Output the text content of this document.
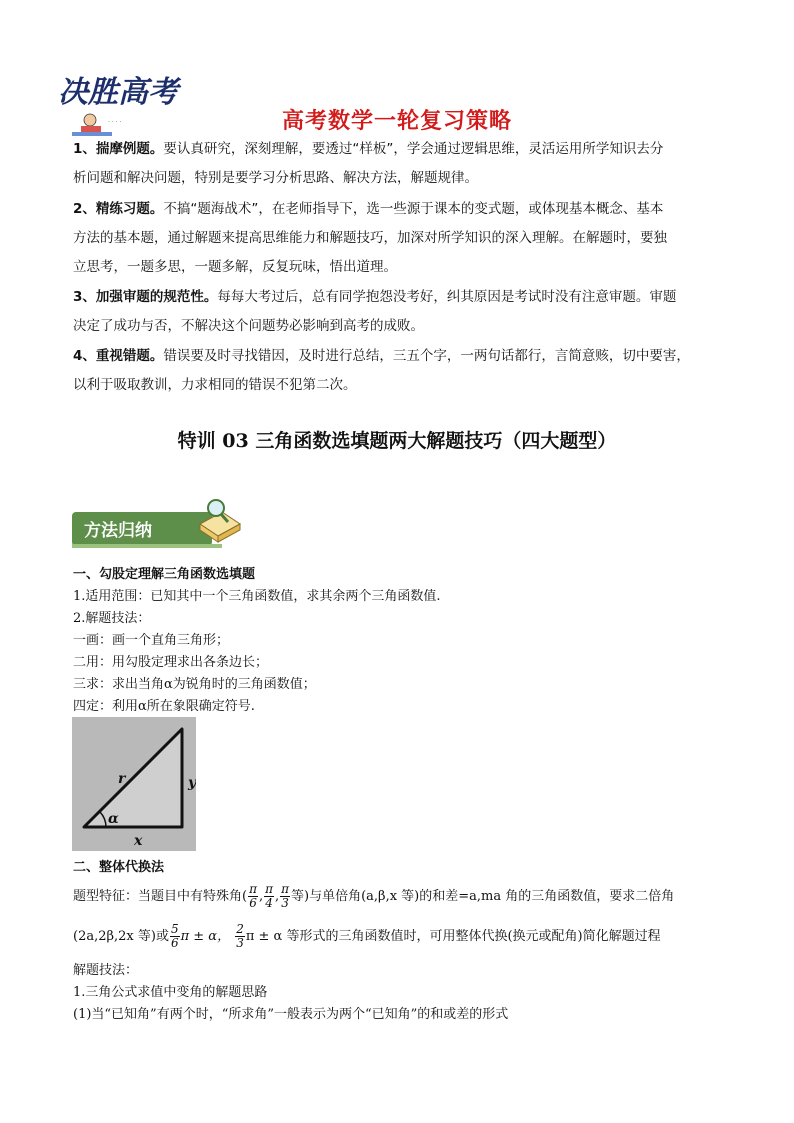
决胜高考
· · · ·	高考数学一轮复习策略
1、揣摩例题。要认真研究，深刻理解，要透过“样板”，学会通过逻辑思维，灵活运用所学知识去分
析问题和解决问题，特别是要学习分析思路、解决方法，解题规律。
2、精练习题。不搞“题海战术”，在老师指导下，选一些源于课本的变式题，或体现基本概念、基本
方法的基本题，通过解题来提高思维能力和解题技巧，加深对所学知识的深入理解。在解题时，要独
立思考，一题多思，一题多解，反复玩味，悟出道理。
3、加强审题的规范性。每每大考过后，总有同学抱怨没考好，纠其原因是考试时没有注意审题。审题
决定了成功与否，不解决这个问题势必影响到高考的成败。
4、重视错题。错误要及时寻找错因，及时进行总结，三五个字，一两句话都行，言简意赅，切中要害，
以利于吸取教训，力求相同的错误不犯第二次。
特训 03 三角函数选填题两大解题技巧（四大题型）
方法归纳
一、勾股定理解三角函数选填题
1.适用范围：已知其中一个三角函数值，求其余两个三角函数值.
2.解题技法：
一画：画一个直角三角形；
二用：用勾股定理求出各条边长；
三求：求出当角α为锐角时的三角函数值；
四定：利用α所在象限确定符号.
r	y
x
α
二、整体代换法
题型特征：当题目中有特殊角( $\frac{\pi}{6}$ , $\frac{\pi}{4}$ , $\frac{\pi}{3}$ 等)与单倍角(a,β,x 等)的和差=a,ma 角的三角函数值，要求二倍角
(2a,2β,2x 等)或 $\frac{5}{6}$ π ± α， $\frac{2}{3}$ π ± α 等形式的三角函数值时，可用整体代换(换元或配角)简化解题过程
解题技法：
1.三角公式求值中变角的解题思路
(1)当“已知角”有两个时，“所求角”一般表示为两个“已知角”的和或差的形式
